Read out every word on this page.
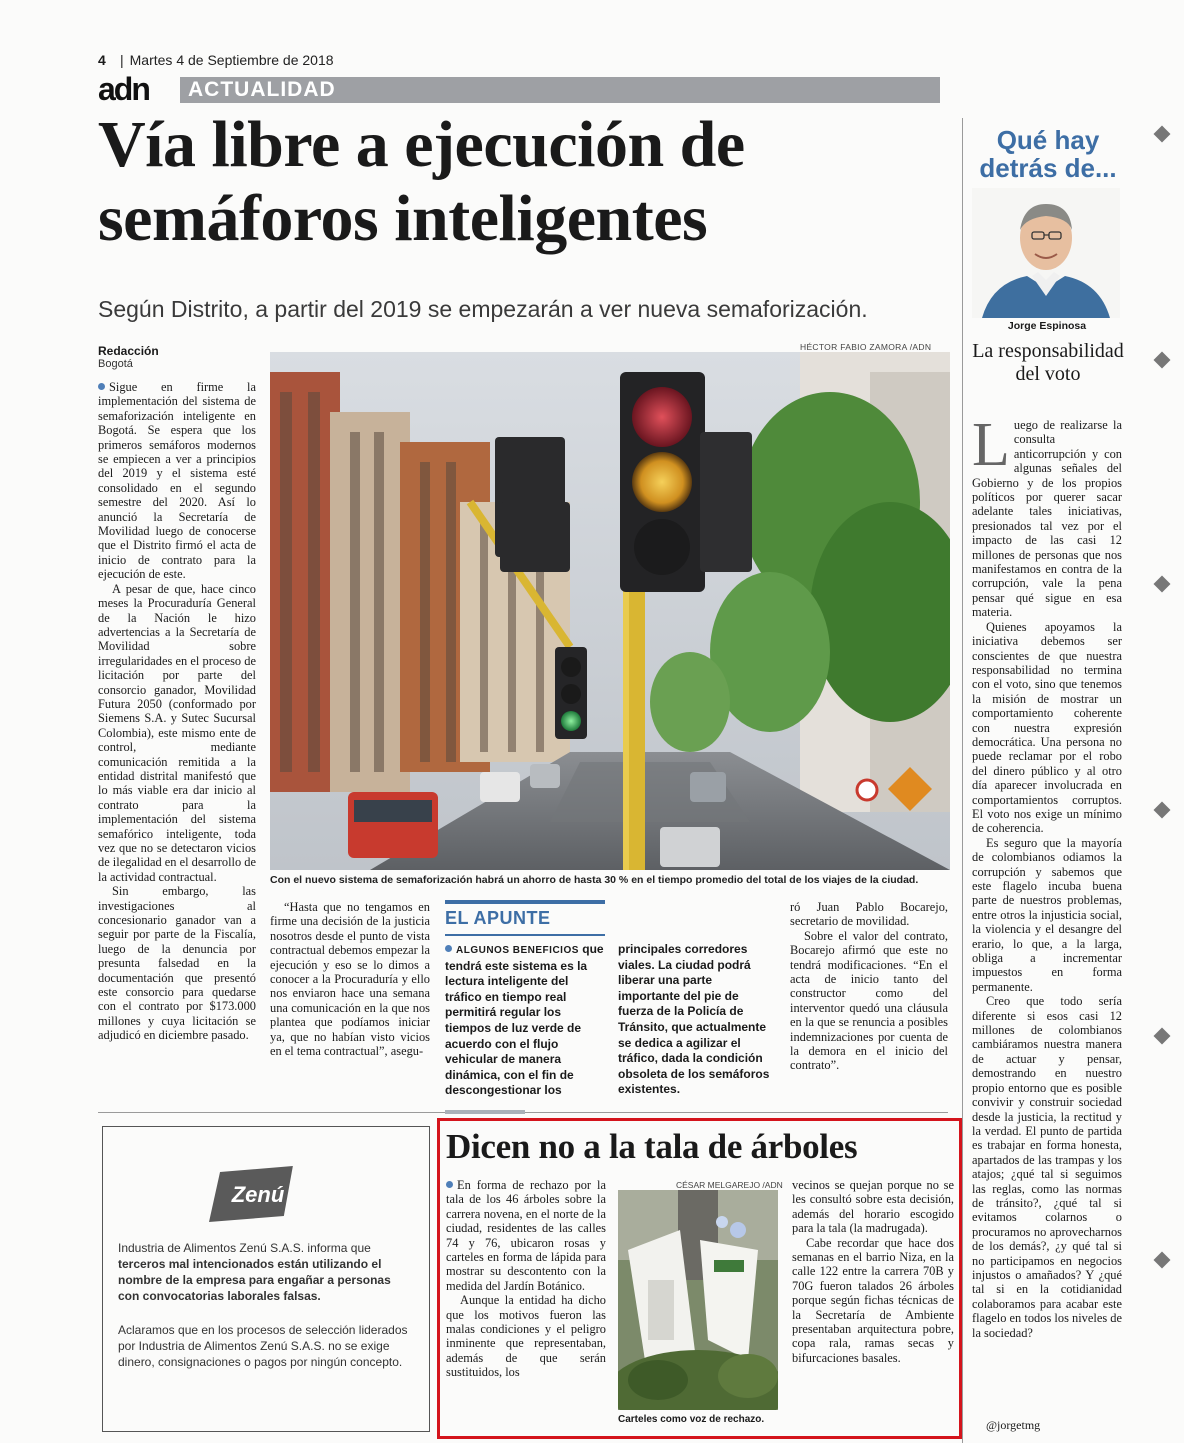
4
|	Martes 4 de Septiembre de 2018
adn	ACTUALIDAD
Vía libre a ejecución de semáforos inteligentes
Según Distrito, a partir del 2019 se empezarán a ver nueva semaforización.
Redacción
Bogotá

Sigue en firme la implementación del sistema de semaforización inteligente en Bogotá. Se espera que los primeros semáforos modernos se empiecen a ver a principios del 2019 y el sistema esté consolidado en el segundo semestre del 2020. Así lo anunció la Secretaría de Movilidad luego de conocerse que el Distrito firmó el acta de inicio de contrato para la ejecución de este.

A pesar de que, hace cinco meses la Procuraduría General de la Nación le hizo advertencias a la Secretaría de Movilidad sobre irregularidades en el proceso de licitación por parte del consorcio ganador, Movilidad Futura 2050 (conformado por Siemens S.A. y Sutec Sucursal Colombia), este mismo ente de control, mediante comunicación remitida a la entidad distrital manifestó que lo más viable era dar inicio al contrato para la implementación del sistema semafórico inteligente, toda vez que no se detectaron vicios de ilegalidad en el desarrollo de la actividad contractual.

Sin embargo, las investigaciones al concesionario ganador van a seguir por parte de la Fiscalía, luego de la denuncia por presunta falsedad en la documentación que presentó este consorcio para quedarse con el contrato por $173.000 millones y cuya licitación se adjudicó en diciembre pasado.

HÉCTOR FABIO ZAMORA /ADN
Con el nuevo sistema de semaforización habrá un ahorro de hasta 30 % en el tiempo promedio del total de los viajes de la ciudad.

“Hasta que no tengamos en firme una decisión de la justicia nosotros desde el punto de vista contractual debemos empezar la ejecución y eso se lo dimos a conocer a la Procuraduría y ello nos enviaron hace una semana una comunicación en la que nos plantea que podíamos iniciar ya, que no habían visto vicios en el tema contractual”, asegu-

EL APUNTE
ALGUNOS BENEFICIOS que tendrá este sistema es la lectura inteligente del tráfico en tiempo real permitirá regular los tiempos de luz verde de acuerdo con el flujo vehicular de manera dinámica, con el fin de descongestionar los
principales corredores viales. La ciudad podrá liberar una parte importante del pie de fuerza de la Policía de Tránsito, que actualmente se dedica a agilizar el tráfico, dada la condición obsoleta de los semáforos existentes.

ró Juan Pablo Bocarejo, secretario de movilidad.

Sobre el valor del contrato, Bocarejo afirmó que este no tendrá modificaciones. “En el acta de inicio tanto del constructor como del interventor quedó una cláusula en la que se renuncia a posibles indemnizaciones por cuenta de la demora en el inicio del contrato”.

Qué hay detrás de...
Jorge Espinosa
La responsabilidad del voto

Luego de realizarse la consulta anticorrupción y con algunas señales del Gobierno y de los propios políticos por querer sacar adelante tales iniciativas, presionados tal vez por el impacto de las casi 12 millones de personas que nos manifestamos en contra de la corrupción, vale la pena pensar qué sigue en esa materia.

Quienes apoyamos la iniciativa debemos ser conscientes de que nuestra responsabilidad no termina con el voto, sino que tenemos la misión de mostrar un comportamiento coherente con nuestra expresión democrática. Una persona no puede reclamar por el robo del dinero público y al otro día aparecer involucrada en comportamientos corruptos. El voto nos exige un mínimo de coherencia.

Es seguro que la mayoría de colombianos odiamos la corrupción y sabemos que este flagelo incuba buena parte de nuestros problemas, entre otros la injusticia social, la violencia y el desangre del erario, lo que, a la larga, obliga a incrementar impuestos en forma permanente.

Creo que todo sería diferente si esos casi 12 millones de colombianos cambiáramos nuestra manera de actuar y pensar, demostrando en nuestro propio entorno que es posible convivir y construir sociedad desde la justicia, la rectitud y la verdad. El punto de partida es trabajar en forma honesta, apartados de las trampas y los atajos; ¿qué tal si seguimos las reglas, como las normas de tránsito?, ¿qué tal si evitamos colarnos o procuramos no aprovecharnos de los demás?, ¿y qué tal si no participamos en negocios injustos o amañados? Y ¿qué tal si en la cotidianidad colaboramos para acabar este flagelo en todos los niveles de la sociedad?

@jorgetmg
Zenú
Industria de Alimentos Zenú S.A.S. informa que terceros mal intencionados están utilizando el nombre de la empresa para engañar a personas con convocatorias laborales falsas.
Aclaramos que en los procesos de selección liderados por Industria de Alimentos Zenú S.A.S. no se exige dinero, consignaciones o pagos por ningún concepto.
Dicen no a la tala de árboles

En forma de rechazo por la tala de los 46 árboles sobre la carrera novena, en el norte de la ciudad, residentes de las calles 74 y 76, ubicaron rosas y carteles en forma de lápida para mostrar su descontento con la medida del Jardín Botánico.

Aunque la entidad ha dicho que los motivos fueron las malas condiciones y el peligro inminente que representaban, además de que serán sustituidos, los

CÉSAR MELGAREJO /ADN
Carteles como voz de rechazo.

vecinos se quejan porque no se les consultó sobre esta decisión, además del horario escogido para la tala (la madrugada).

Cabe recordar que hace dos semanas en el barrio Niza, en la calle 122 entre la carrera 70B y 70G fueron talados 26 árboles porque según fichas técnicas de la Secretaría de Ambiente presentaban arquitectura pobre, copa rala, ramas secas y bifurcaciones basales.
